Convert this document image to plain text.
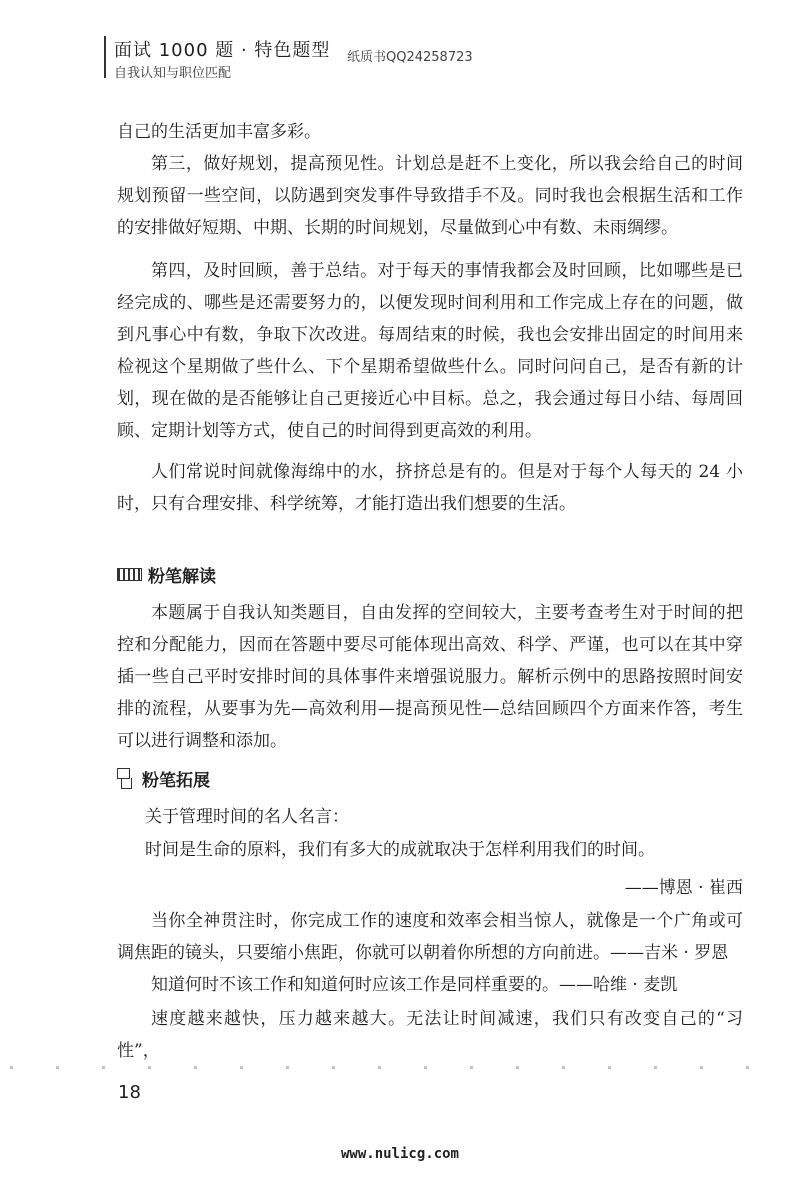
面试 1000 题 · 特色题型
自我认知与职位匹配
纸质书QQ24258723

自己的生活更加丰富多彩。

第三，做好规划，提高预见性。计划总是赶不上变化，所以我会给自己的时间规划预留一些空间，以防遇到突发事件导致措手不及。同时我也会根据生活和工作的安排做好短期、中期、长期的时间规划，尽量做到心中有数、未雨绸缪。

第四，及时回顾，善于总结。对于每天的事情我都会及时回顾，比如哪些是已经完成的、哪些是还需要努力的，以便发现时间利用和工作完成上存在的问题，做到凡事心中有数，争取下次改进。每周结束的时候，我也会安排出固定的时间用来检视这个星期做了些什么、下个星期希望做些什么。同时问问自己，是否有新的计划，现在做的是否能够让自己更接近心中目标。总之，我会通过每日小结、每周回顾、定期计划等方式，使自己的时间得到更高效的利用。

人们常说时间就像海绵中的水，挤挤总是有的。但是对于每个人每天的 24 小时，只有合理安排、科学统筹，才能打造出我们想要的生活。

粉笔解读

本题属于自我认知类题目，自由发挥的空间较大，主要考查考生对于时间的把控和分配能力，因而在答题中要尽可能体现出高效、科学、严谨，也可以在其中穿插一些自己平时安排时间的具体事件来增强说服力。解析示例中的思路按照时间安排的流程，从要事为先—高效利用—提高预见性—总结回顾四个方面来作答，考生可以进行调整和添加。

粉笔拓展

关于管理时间的名人名言：

时间是生命的原料，我们有多大的成就取决于怎样利用我们的时间。

——博恩 · 崔西

当你全神贯注时，你完成工作的速度和效率会相当惊人，就像是一个广角或可调焦距的镜头，只要缩小焦距，你就可以朝着你所想的方向前进。——吉米 · 罗恩

知道何时不该工作和知道何时应该工作是同样重要的。——哈维 · 麦凯

速度越来越快，压力越来越大。无法让时间减速，我们只有改变自己的“习性”，

18
www.nulicg.com
